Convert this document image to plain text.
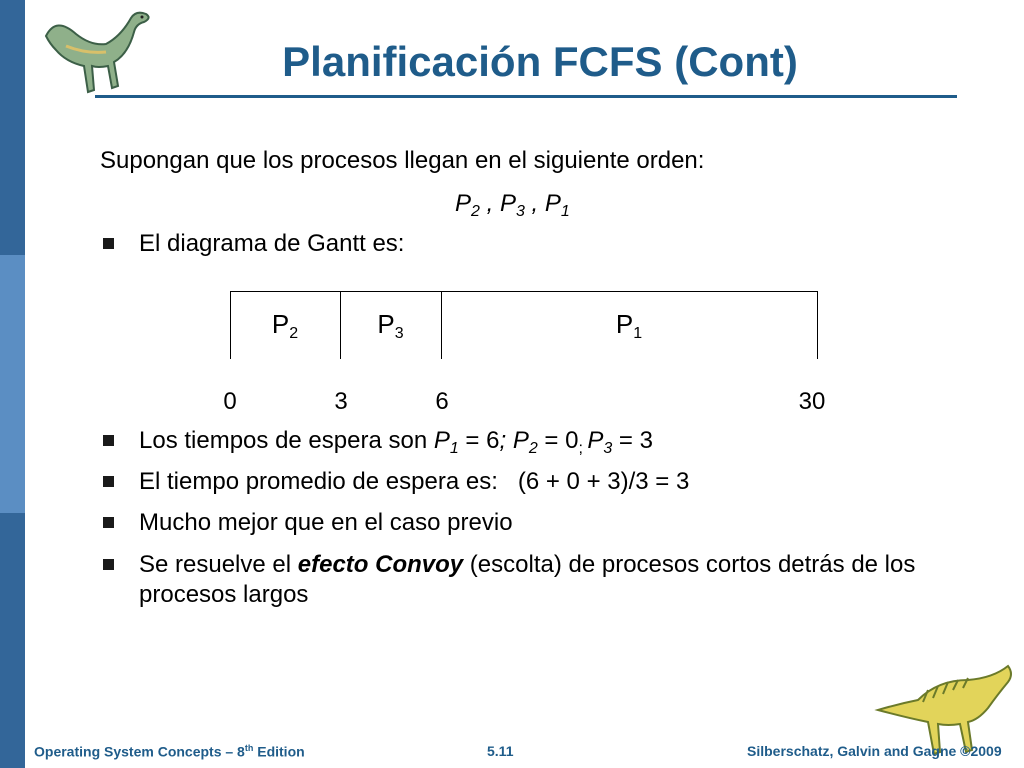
Planificación FCFS (Cont)
Supongan que los procesos llegan en el siguiente orden:
$P_2$ , $P_3$ , $P_1$
El diagrama de Gantt es:
$P_2$	$P_3$	$P_1$
0	3	6	30
Los tiempos de espera son $P_1 = 6$; $P_2 = 0_;$ $P_3 = 3$
El tiempo promedio de espera es:   (6 + 0 + 3)/3 = 3
Mucho mejor que en el caso previo
Se resuelve el efecto Convoy (escolta) de procesos cortos detrás de los
procesos largos
Operating System Concepts – 8th Edition	5.11	Silberschatz, Galvin and Gagne ©2009
